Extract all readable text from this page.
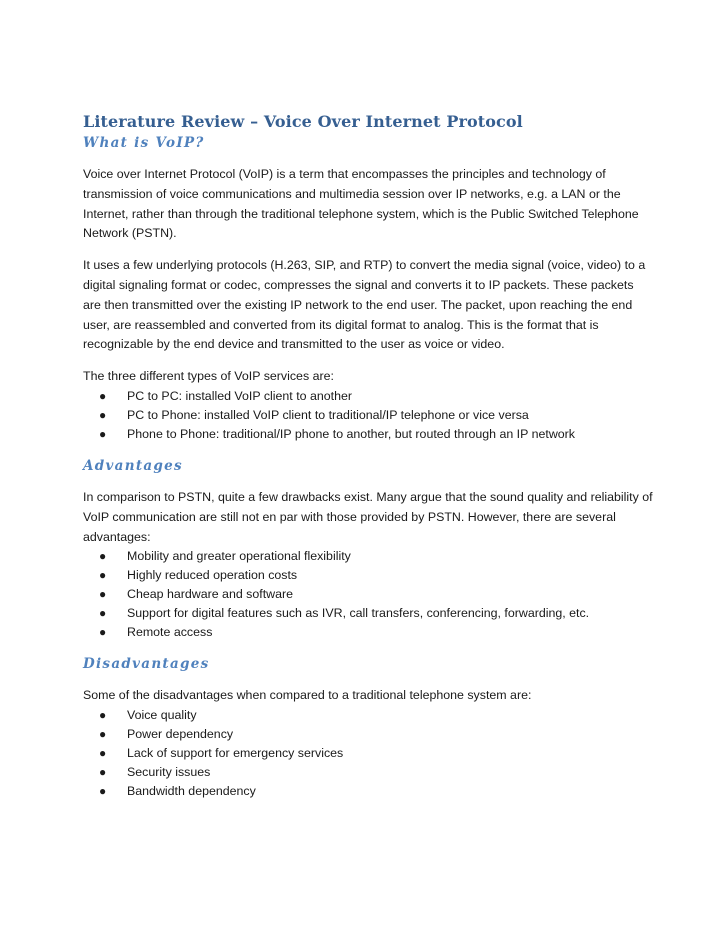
Literature Review – Voice Over Internet Protocol
What is VoIP?

Voice over Internet Protocol (VoIP) is a term that encompasses the principles and technology of transmission of voice communications and multimedia session over IP networks, e.g. a LAN or the Internet, rather than through the traditional telephone system, which is the Public Switched Telephone Network (PSTN).

It uses a few underlying protocols (H.263, SIP, and RTP) to convert the media signal (voice, video) to a digital signaling format or codec, compresses the signal and converts it to IP packets. These packets are then transmitted over the existing IP network to the end user. The packet, upon reaching the end user, are reassembled and converted from its digital format to analog. This is the format that is recognizable by the end device and transmitted to the user as voice or video.

The three different types of VoIP services are:

● PC to PC: installed VoIP client to another
● PC to Phone: installed VoIP client to traditional/IP telephone or vice versa
● Phone to Phone: traditional/IP phone to another, but routed through an IP network
Advantages

In comparison to PSTN, quite a few drawbacks exist. Many argue that the sound quality and reliability of VoIP communication are still not en par with those provided by PSTN. However, there are several advantages:

● Mobility and greater operational flexibility
● Highly reduced operation costs
● Cheap hardware and software
● Support for digital features such as IVR, call transfers, conferencing, forwarding, etc.
● Remote access
Disadvantages

Some of the disadvantages when compared to a traditional telephone system are:

● Voice quality
● Power dependency
● Lack of support for emergency services
● Security issues
● Bandwidth dependency
